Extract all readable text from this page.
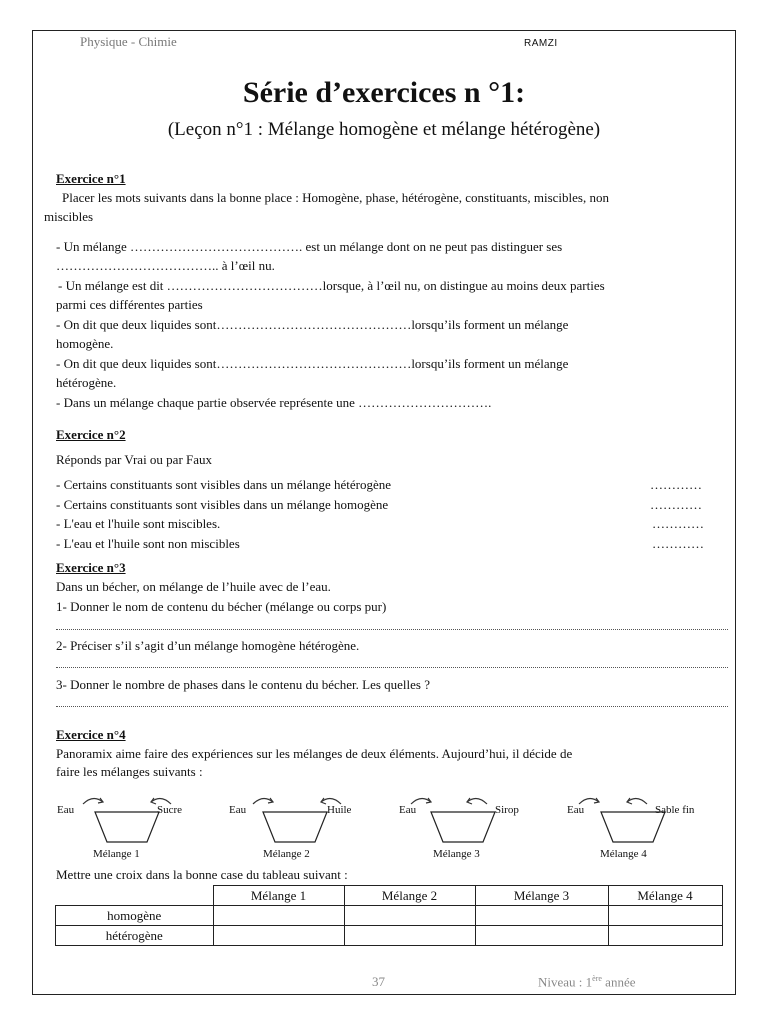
Physique - Chimie	RAMZI
Série d’exercices n °1:
(Leçon n°1 : Mélange homogène et mélange hétérogène)
Exercice n°1
Placer les mots suivants dans la bonne place : Homogène, phase, hétérogène, constituants, miscibles, non
miscibles
- Un mélange …………………………………. est un mélange dont on ne peut pas distinguer ses
……………………………….. à l’œil nu.
- Un mélange est dit ………………………………lorsque, à l’œil nu, on distingue au moins deux parties
parmi ces différentes parties
- On dit que deux liquides sont………………………………………lorsqu’ils forment un mélange
homogène.
- On dit que deux liquides sont………………………………………lorsqu’ils forment un mélange
hétérogène.
- Dans un mélange chaque partie observée représente une ………………………….
Exercice n°2
Réponds par Vrai ou par Faux
- Certains constituants sont visibles dans un mélange hétérogène	…………
- Certains constituants sont visibles dans un mélange homogène	…………
- L'eau et l'huile sont miscibles.	…………
- L'eau et l'huile sont non miscibles	…………
Exercice n°3
Dans un bécher, on mélange de l’huile avec de l’eau.
1- Donner le nom de contenu du bécher (mélange ou corps pur)
2- Préciser s’il s’agit d’un mélange homogène hétérogène.
3- Donner le nombre de phases dans le contenu du bécher. Les quelles ?
Exercice n°4
Panoramix aime faire des expériences sur les mélanges de deux éléments. Aujourd’hui, il décide de
faire les mélanges suivants :
Eau	Sucre
Mélange 1
Eau	Huile
Mélange 2
Eau	Sirop
Mélange 3
Eau	Sable fin
Mélange 4
Mettre une croix dans la bonne case du tableau suivant :
	Mélange 1	Mélange 2	Mélange 3	Mélange 4
homogène				
hétérogène				
37	Niveau : 1ère année
